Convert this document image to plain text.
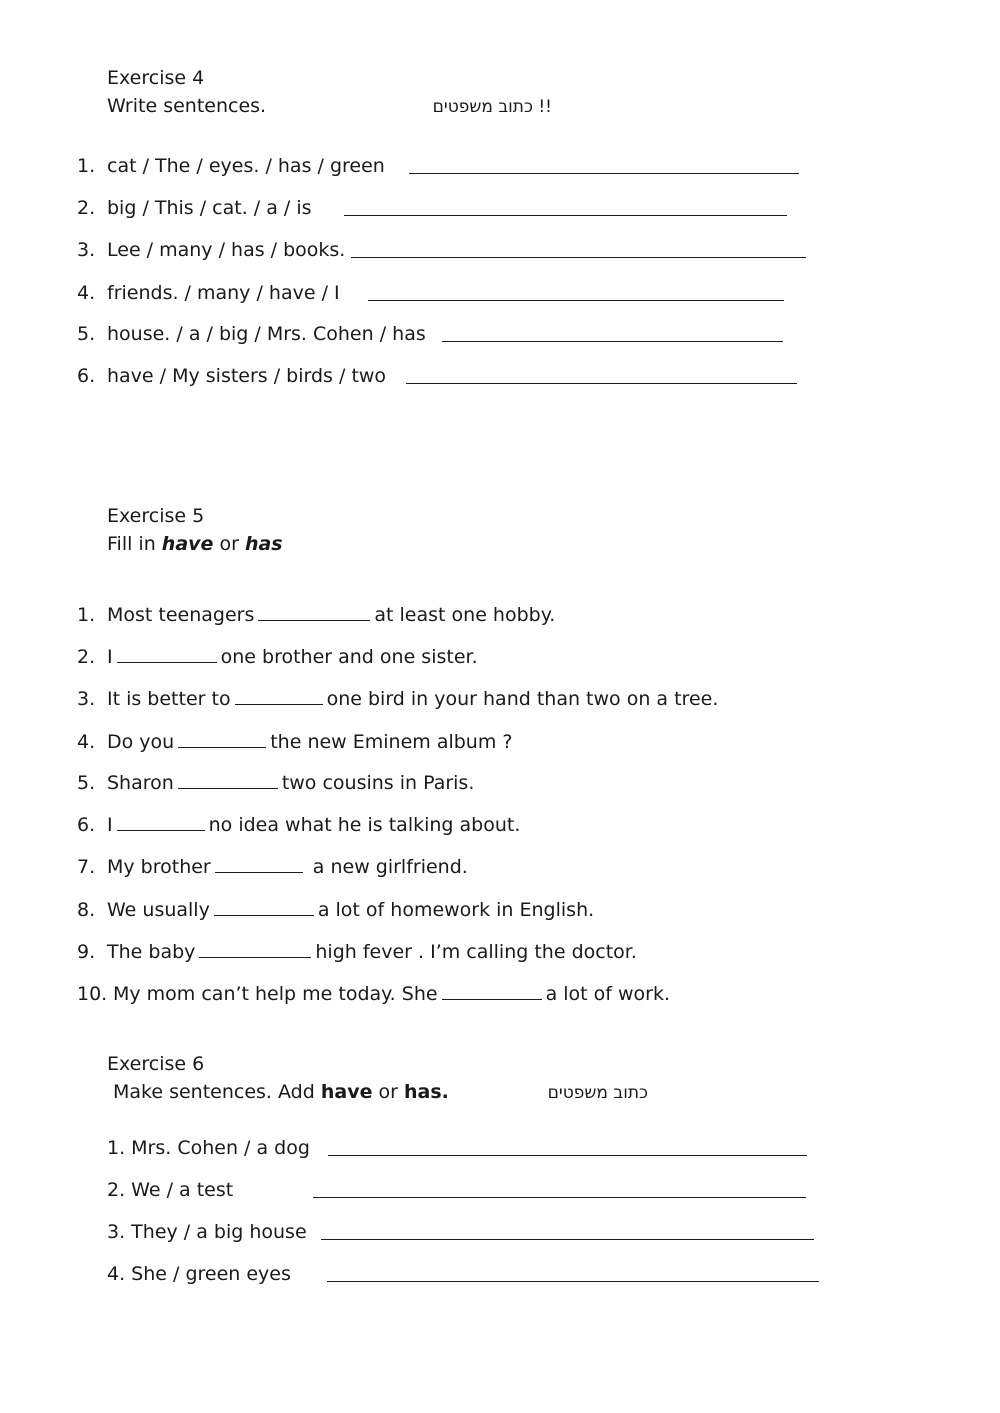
Exercise 4
Write sentences.	!! כתוב משפטים
1. cat / The / eyes. / has / green
2. big / This / cat. / a / is
3. Lee / many / has / books.
4. friends. / many / have / I
5. house. / a / big / Mrs. Cohen / has
6. have / My sisters / birds / two
Exercise 5
Fill in have or has
1. Most teenagers	at least one hobby.
2. I	one brother and one sister.
3. It is better to	one bird in your hand than two on a tree.
4. Do you	the new Eminem album ?
5. Sharon	two cousins in Paris.
6. I	no idea what he is talking about.
7. My brother	a new girlfriend.
8. We usually	a lot of homework in English.
9. The baby	high fever . I’m calling the doctor.
10. My mom can’t help me today. She	a lot of work.
Exercise 6
Make sentences. Add have or has.	כתוב משפטים
1. Mrs. Cohen / a dog
2. We / a test
3. They / a big house
4. She / green eyes
